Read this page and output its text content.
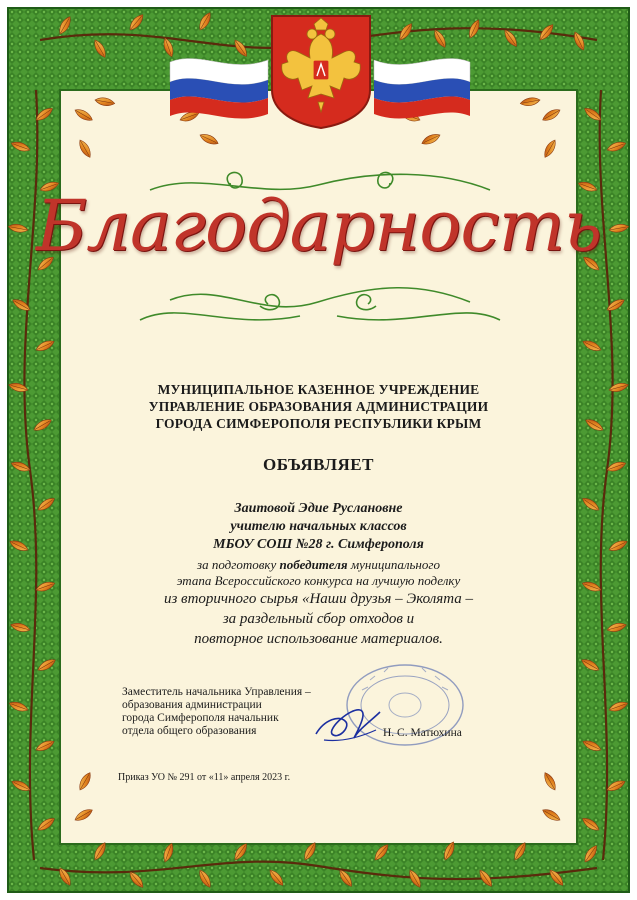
Благодарность
МУНИЦИПАЛЬНОЕ КАЗЕННОЕ УЧРЕЖДЕНИЕ
УПРАВЛЕНИЕ ОБРАЗОВАНИЯ АДМИНИСТРАЦИИ
ГОРОДА СИМФЕРОПОЛЯ РЕСПУБЛИКИ КРЫМ
ОБЪЯВЛЯЕТ
Заитовой Эдие Руслановне
учителю начальных классов
МБОУ СОШ №28 г. Симферополя
за подготовку победителя муниципального
этапа Всероссийского конкурса на лучшую поделку
из вторичного сырья «Наши друзья – Эколята –
за раздельный сбор отходов и
повторное использование материалов.
Заместитель начальника Управления –
образования администрации
города Симферополя начальник
отдела общего образования	Н. С. Матюхина
Приказ УО № 291 от «11» апреля 2023 г.
